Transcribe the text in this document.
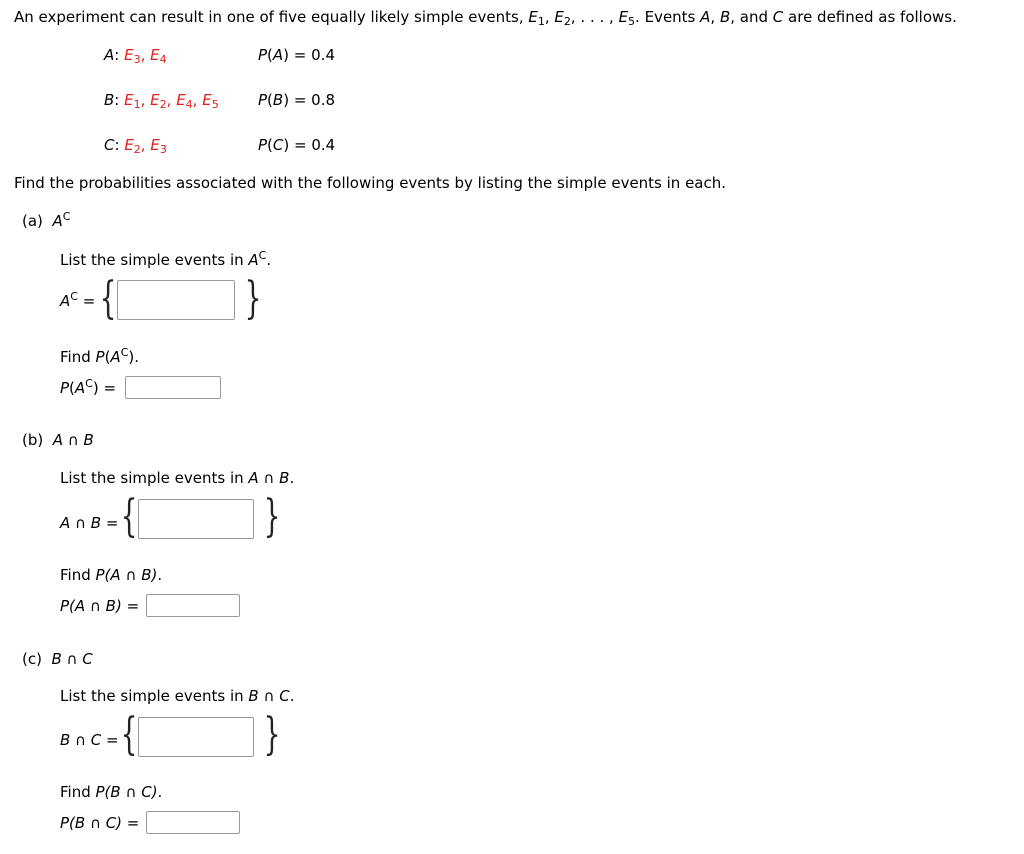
An experiment can result in one of five equally likely simple events, $E_1$, $E_2$, . . . , $E_5$. Events A, B, and C are defined as follows.
A: $E_3$, $E_4$	P(A) = 0.4
B: $E_1$, $E_2$, $E_4$, $E_5$	P(B) = 0.8
C: $E_2$, $E_3$	P(C) = 0.4
Find the probabilities associated with the following events by listing the simple events in each.
(a) $A^C$
List the simple events in $A^C$.
$A^C$ = {	}
Find $P(A^C)$.
$P(A^C)$ =
(b) A ∩ B
List the simple events in A ∩ B.
A ∩ B = {	}
Find P(A ∩ B).
P(A ∩ B) =
(c) B ∩ C
List the simple events in B ∩ C.
B ∩ C = {	}
Find P(B ∩ C).
P(B ∩ C) =
